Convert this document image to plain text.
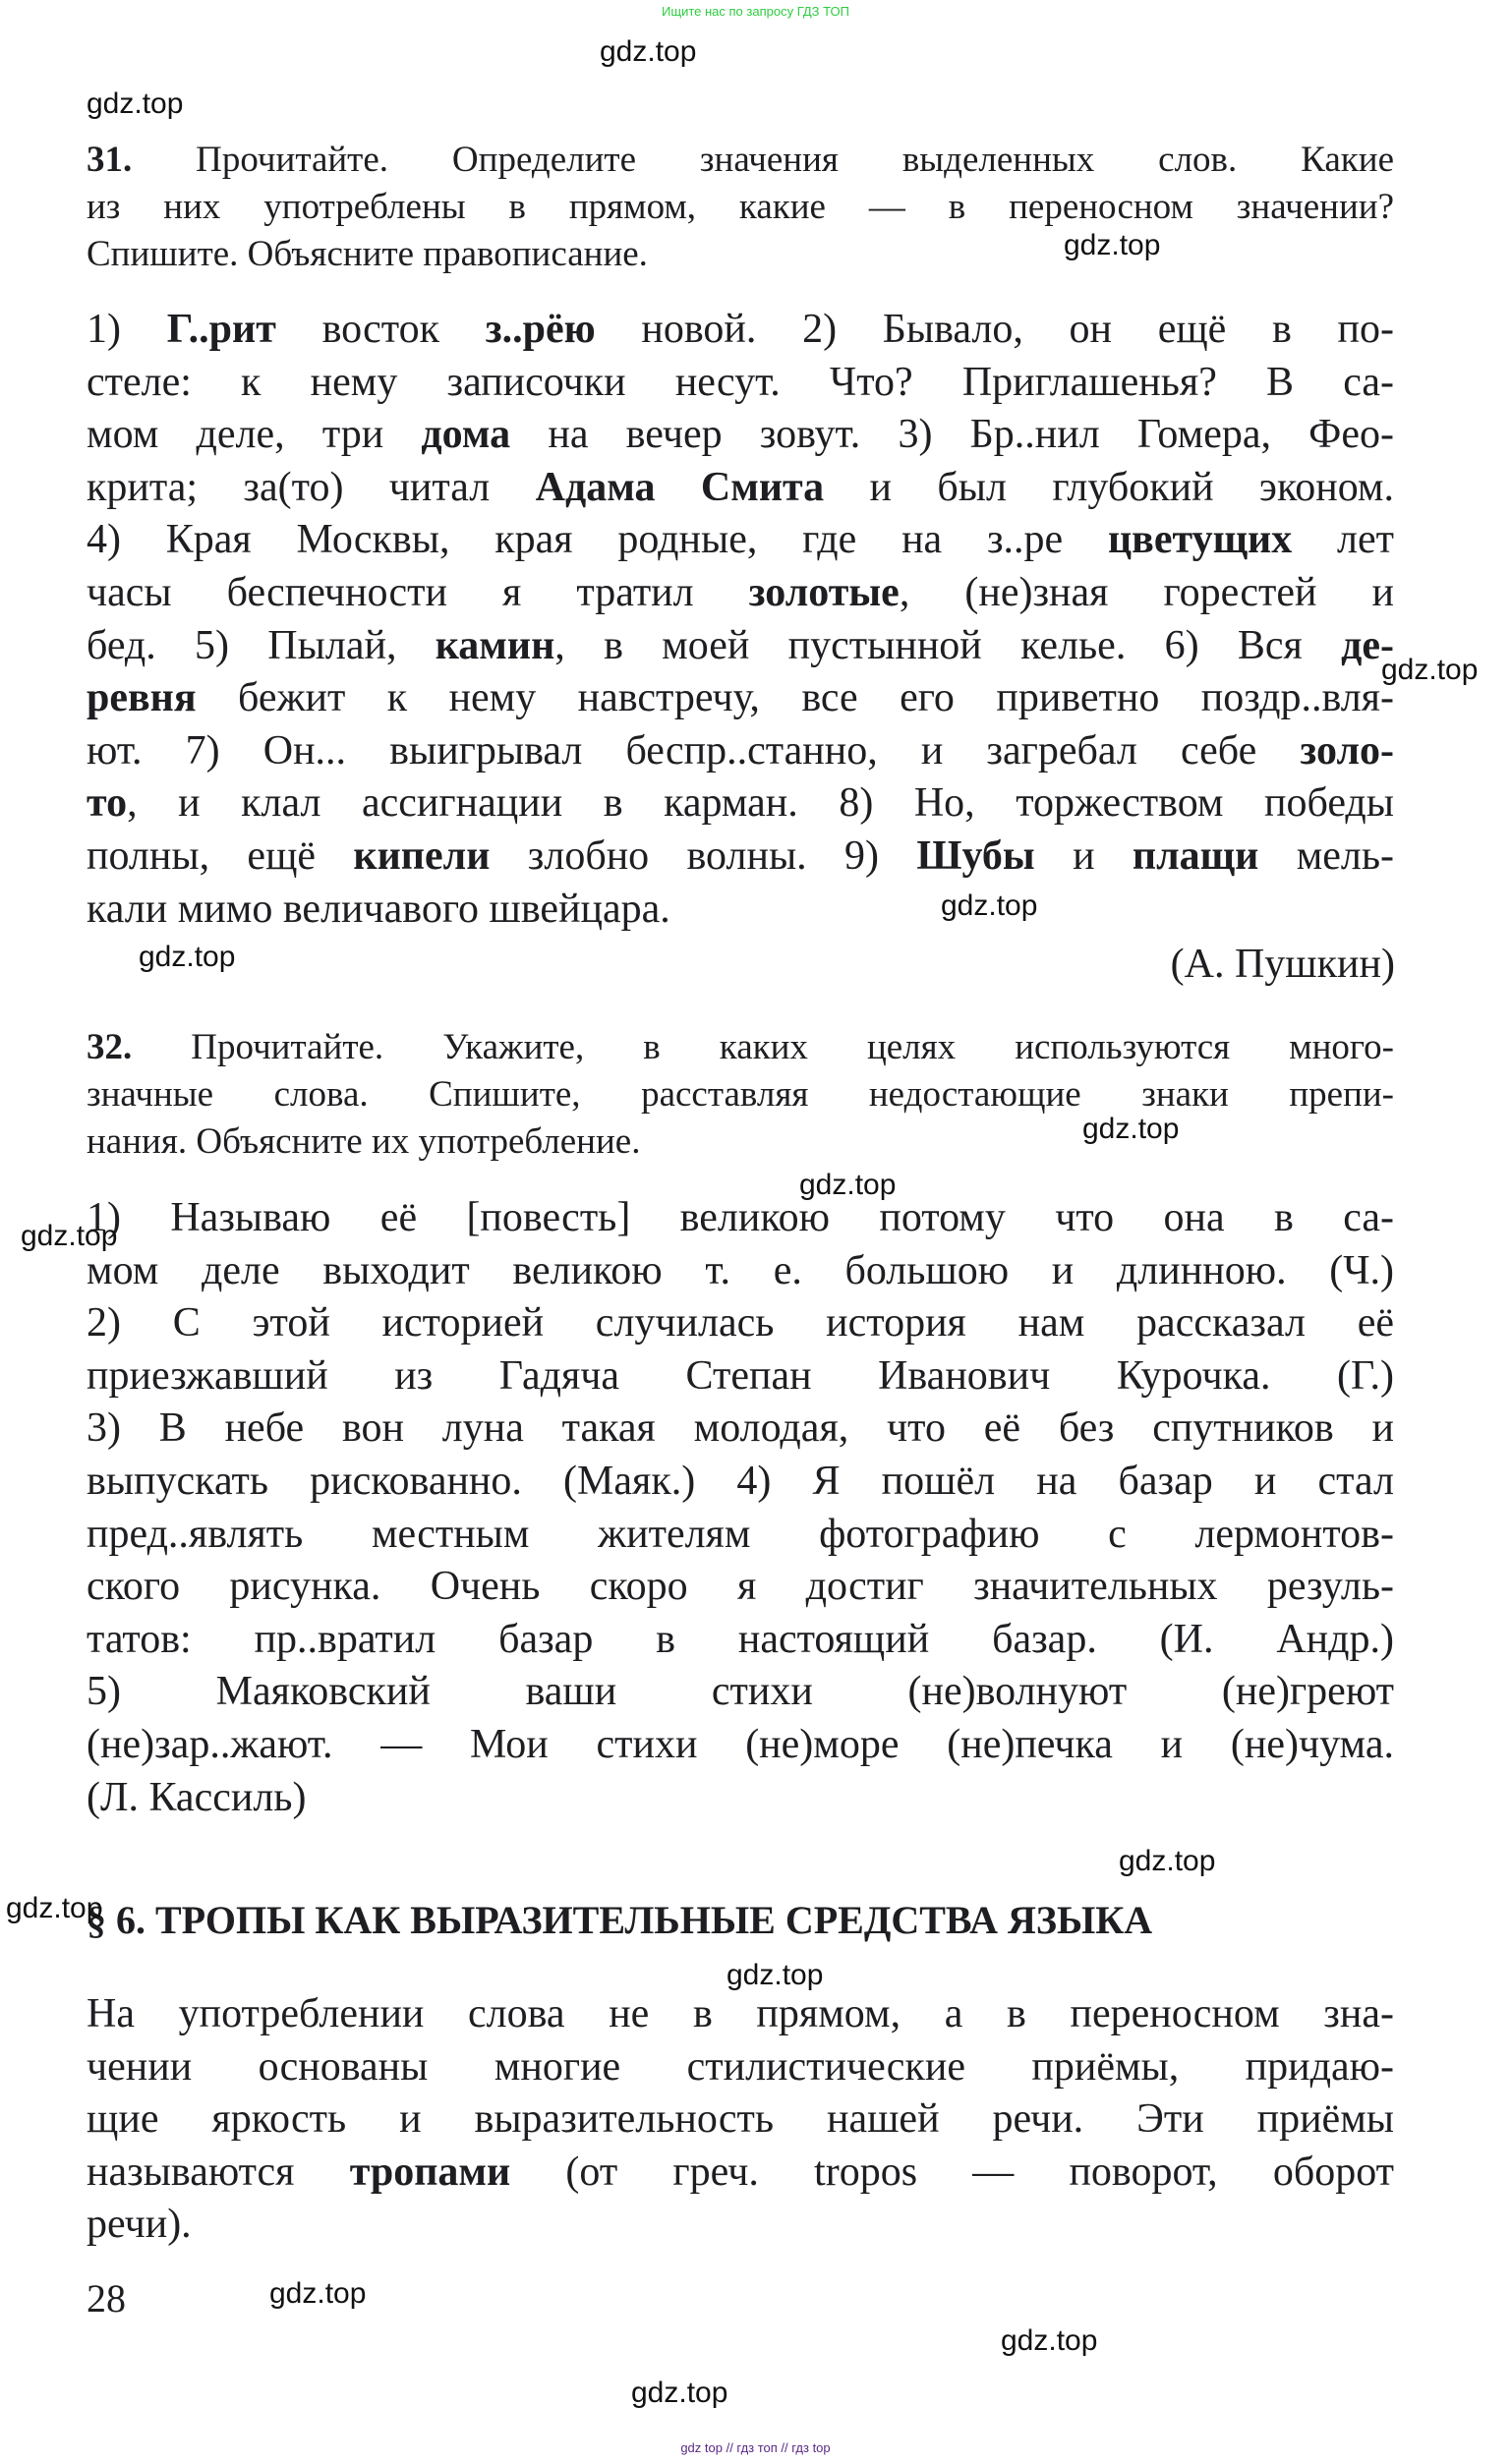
Ищите нас по запросу ГДЗ ТОП
31. Прочитайте. Определите значения выделенных слов. Какие
из них употреблены в прямом, какие — в переносном значении?
Спишите. Объясните правописание.
1) Г..рит восток з..рёю новой. 2) Бывало, он ещё в по-
стеле: к нему записочки несут. Что? Приглашенья? В са-
мом деле, три дома на вечер зовут. 3) Бр..нил Гомера, Фео-
крита; за(то) читал Адама Смита и был глубокий эконом.
4) Края Москвы, края родные, где на з..ре цветущих лет
часы беспечности я тратил золотые, (не)зная горестей и
бед. 5) Пылай, камин, в моей пустынной келье. 6) Вся де-
ревня бежит к нему навстречу, все его приветно поздр..вля-
ют. 7) Он... выигрывал беспр..станно, и загребал себе золо-
то, и клал ассигнации в карман. 8) Но, торжеством победы
полны, ещё кипели злобно волны. 9) Шубы и плащи мель-
кали мимо величавого швейцара.
(А. Пушкин)
32. Прочитайте. Укажите, в каких целях используются много-
значные слова. Спишите, расставляя недостающие знаки препи-
нания. Объясните их употребление.
1) Называю её [повесть] великою потому что она в са-
мом деле выходит великою т. е. большою и длинною. (Ч.)
2) С этой историей случилась история нам рассказал её
приезжавший из Гадяча Степан Иванович Курочка. (Г.)
3) В небе вон луна такая молодая, что её без спутников и
выпускать рискованно. (Маяк.) 4) Я пошёл на базар и стал
пред..являть местным жителям фотографию с лермонтов-
ского рисунка. Очень скоро я достиг значительных резуль-
татов: пр..вратил базар в настоящий базар. (И. Андр.)
5) Маяковский ваши стихи (не)волнуют (не)греют
(не)зар..жают. — Мои стихи (не)море (не)печка и (не)чума.
(Л. Кассиль)
§ 6. ТРОПЫ КАК ВЫРАЗИТЕЛЬНЫЕ СРЕДСТВА ЯЗЫКА
На употреблении слова не в прямом, а в переносном зна-
чении основаны многие стилистические приёмы, придаю-
щие яркость и выразительность нашей речи. Эти приёмы
называются тропами (от греч. tropos — поворот, оборот
речи).
28
gdz.top
gdz.top
gdz.top
gdz.top
gdz.top
gdz.top
gdz.top
gdz.top
gdz.top
gdz.top
gdz.top
gdz.top
gdz.top
gdz.top
gdz.top
gdz top // гдз топ // гдз top
